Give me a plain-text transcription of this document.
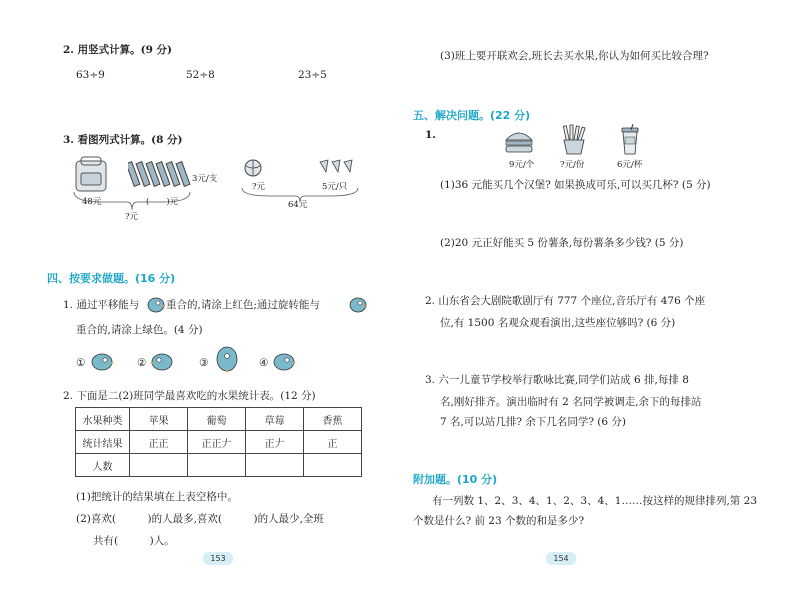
2. 用竖式计算。(9 分)
63÷9	52÷8	23÷5
3. 看图列式计算。(8 分)
3元/支
48元	(　　)元
?元
?元	5元/只
64元
四、按要求做题。(16 分)
1. 通过平移能与	重合的,请涂上红色;通过旋转能与
重合的,请涂上绿色。(4 分)
①	②	③	④
2. 下面是二(2)班同学最喜欢吃的水果统计表。(12 分)
水果种类	苹果	葡萄	草莓	香蕉
统计结果	正正	正正𠂇	正𠂇	正
人数				
(1)把统计的结果填在上表空格中。
(2)喜欢(　　　)的人最多,喜欢(　　　)的人最少,全班
共有(　　　)人。
153
(3)班上要开联欢会,班长去买水果,你认为如何买比较合理?
五、解决问题。(22 分)
1.
9元/个	?元/份	6元/杯
(1)36 元能买几个汉堡? 如果换成可乐,可以买几杯? (5 分)
(2)20 元正好能买 5 份薯条,每份薯条多少钱? (5 分)
2. 山东省会大剧院歌剧厅有 777 个座位,音乐厅有 476 个座
位,有 1500 名观众观看演出,这些座位够吗? (6 分)
3. 六一儿童节学校举行歌咏比赛,同学们站成 6 排,每排 8
名,刚好排齐。演出临时有 2 名同学被调走,余下的每排站
7 名,可以站几排? 余下几名同学? (6 分)
附加题。(10 分)
有一列数 1、2、3、4、1、2、3、4、1……按这样的规律排列,第 23
个数是什么? 前 23 个数的和是多少?
154
